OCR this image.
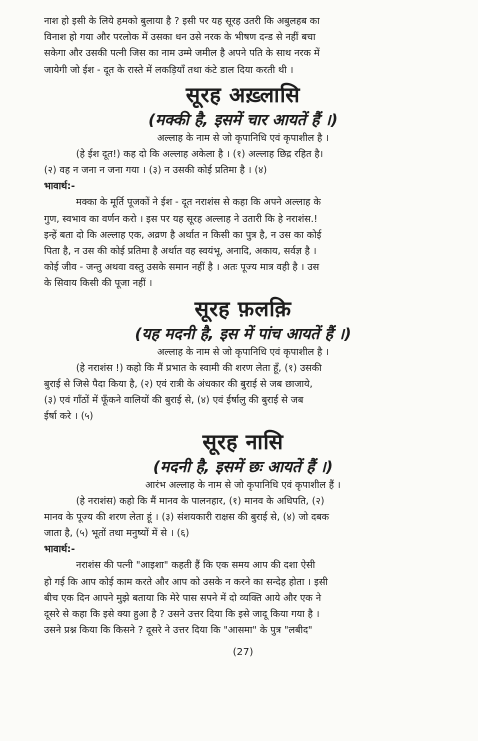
नाश हो इसी के लिये हमको बुलाया है ? इसी पर यह सूरह उतरी कि अबुलहब का

विनाश हो गया और परलोक में उसका धन उसे नरक के भीषण दन्ड से नहीं बचा

सकेगा और उसकी पत्नी जिस का नाम उम्मे जमील है अपने पति के साथ नरक में

जायेगी जो ईश - दूत के रास्ते में लकड़ियाँ तथा कंटे डाल दिया करती थी ।

सूरह अख़्लासि

(मक्की है, इसमें चार आयतें हैं ।)

अल्लाह के नाम से जो कृपानिधि एवं कृपाशील है ।

(हे ईश दूत!) कह दो कि अल्लाह अकेला है । (१) अल्लाह छिद्र रहित है।

(२) वह न जना न जना गया । (३) न उसकी कोई प्रतिमा है । (४)

भावार्थ:-

मक्का के मूर्ति पूजकों ने ईश - दूत नराशंस से कहा कि अपने अल्लाह के

गुण, स्वभाव का वर्णन करो । इस पर यह सूरह अल्लाह ने उतारी कि हे नराशंस.!

इन्हें बता दो कि अल्लाह एक, अव्रण है अर्थात न किसी का पुत्र है, न उस का कोई

पिता है, न उस की कोई प्रतिमा है अर्थात वह स्वयंभू, अनादि, अकाय, सर्वज्ञ है ।

कोई जीव - जन्तु अथवा वस्तु उसके समान नहीं है । अतः पूज्य मात्र वही है । उस

के सिवाय किसी की पूजा नहीं ।

सूरह फ़लक़ि

(यह मदनी है, इस में पांच आयतें हैं ।)

अल्लाह के नाम से जो कृपानिधि एवं कृपाशील है ।

(हे नराशंस !) कहो कि मैं प्रभात के स्वामी की शरण लेता हूँ, (१) उसकी

बुराई से जिसे पैदा किया है, (२) एवं रात्री के अंधकार की बुराई से जब छाजाये,

(३) एवं गाँठों में फूँकने वालियों की बुराई से, (४) एवं ईर्षालु की बुराई से जब

ईर्षा करे । (५)

सूरह नासि

(मदनी है, इसमें छः आयतें हैं ।)

आरंभ अल्लाह के नाम से जो कृपानिधि एवं कृपाशील हैं ।

(हे नराशंस) कहो कि मैं मानव के पालनहार, (१) मानव के अधिपति, (२)

मानव के पूज्य की शरण लेता हूं । (३) संशयकारी राक्षस की बुराई से, (४) जो दबक

जाता है, (५) भूतों तथा मनुष्यों में से । (६)

भावार्थ:-

नराशंस की पत्नी "आइशा" कहती हैं कि एक समय आप की दशा ऐसी

हो गई कि आप कोई काम करते और आप को उसके न करने का सन्देह होता । इसी

बीच एक दिन आपने मुझे बताया कि मेरे पास सपने में दो व्यक्ति आये और एक ने

दूसरे से कहा कि इसे क्या हुआ है ? उसने उत्तर दिया कि इसे जादू किया गया है ।

उसने प्रश्न किया कि किसने ? दूसरे ने उत्तर दिया कि "आसमा" के पुत्र "लबीद"

(27)
